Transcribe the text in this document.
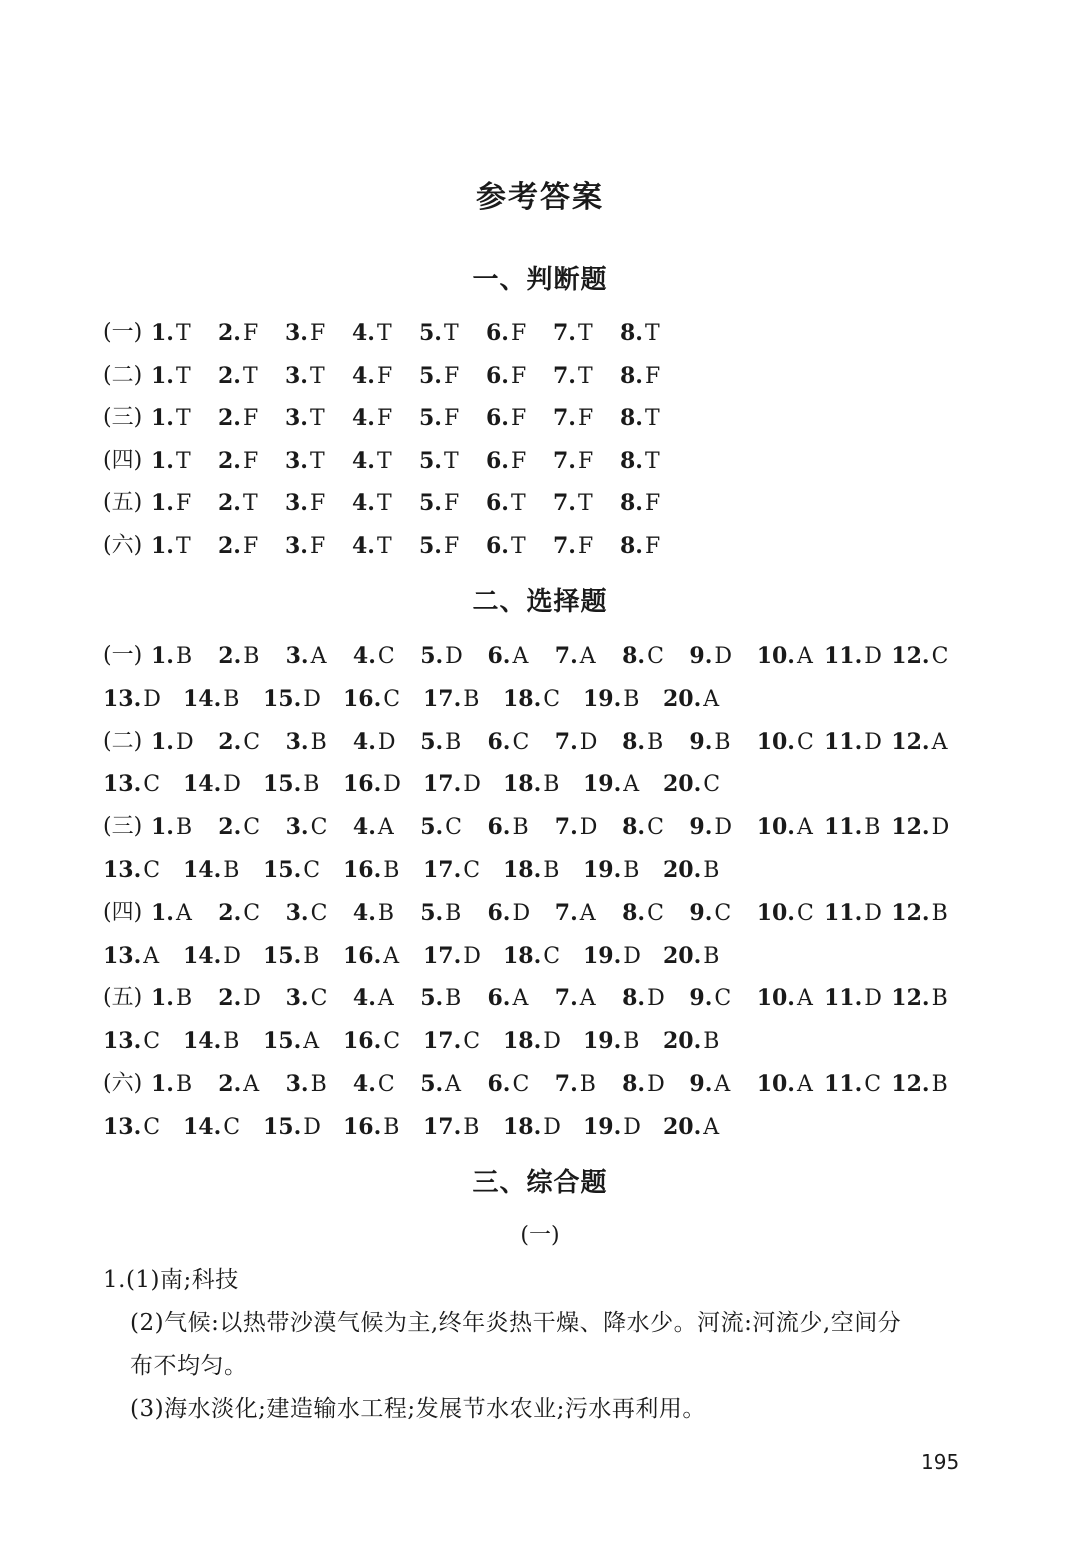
参考答案
一、判断题
(一) 1.T 2.F 3.F 4.T 5.T 6.F 7.T 8.T
(二) 1.T 2.T 3.T 4.F 5.F 6.F 7.T 8.F
(三) 1.T 2.F 3.T 4.F 5.F 6.F 7.F 8.T
(四) 1.T 2.F 3.T 4.T 5.T 6.F 7.F 8.T
(五) 1.F 2.T 3.F 4.T 5.F 6.T 7.T 8.F
(六) 1.T 2.F 3.F 4.T 5.F 6.T 7.F 8.F
二、选择题
(一) 1.B 2.B 3.A 4.C 5.D 6.A 7.A 8.C 9.D 10.A 11.D 12.C
13.D 14.B 15.D 16.C 17.B 18.C 19.B 20.A
(二) 1.D 2.C 3.B 4.D 5.B 6.C 7.D 8.B 9.B 10.C 11.D 12.A
13.C 14.D 15.B 16.D 17.D 18.B 19.A 20.C
(三) 1.B 2.C 3.C 4.A 5.C 6.B 7.D 8.C 9.D 10.A 11.B 12.D
13.C 14.B 15.C 16.B 17.C 18.B 19.B 20.B
(四) 1.A 2.C 3.C 4.B 5.B 6.D 7.A 8.C 9.C 10.C 11.D 12.B
13.A 14.D 15.B 16.A 17.D 18.C 19.D 20.B
(五) 1.B 2.D 3.C 4.A 5.B 6.A 7.A 8.D 9.C 10.A 11.D 12.B
13.C 14.B 15.A 16.C 17.C 18.D 19.B 20.B
(六) 1.B 2.A 3.B 4.C 5.A 6.C 7.B 8.D 9.A 10.A 11.C 12.B
13.C 14.C 15.D 16.B 17.B 18.D 19.D 20.A
三、综合题
(一)
1.(1)南;科技
(2)气候:以热带沙漠气候为主,终年炎热干燥、降水少。河流:河流少,空间分
布不均匀。
(3)海水淡化;建造输水工程;发展节水农业;污水再利用。
195
